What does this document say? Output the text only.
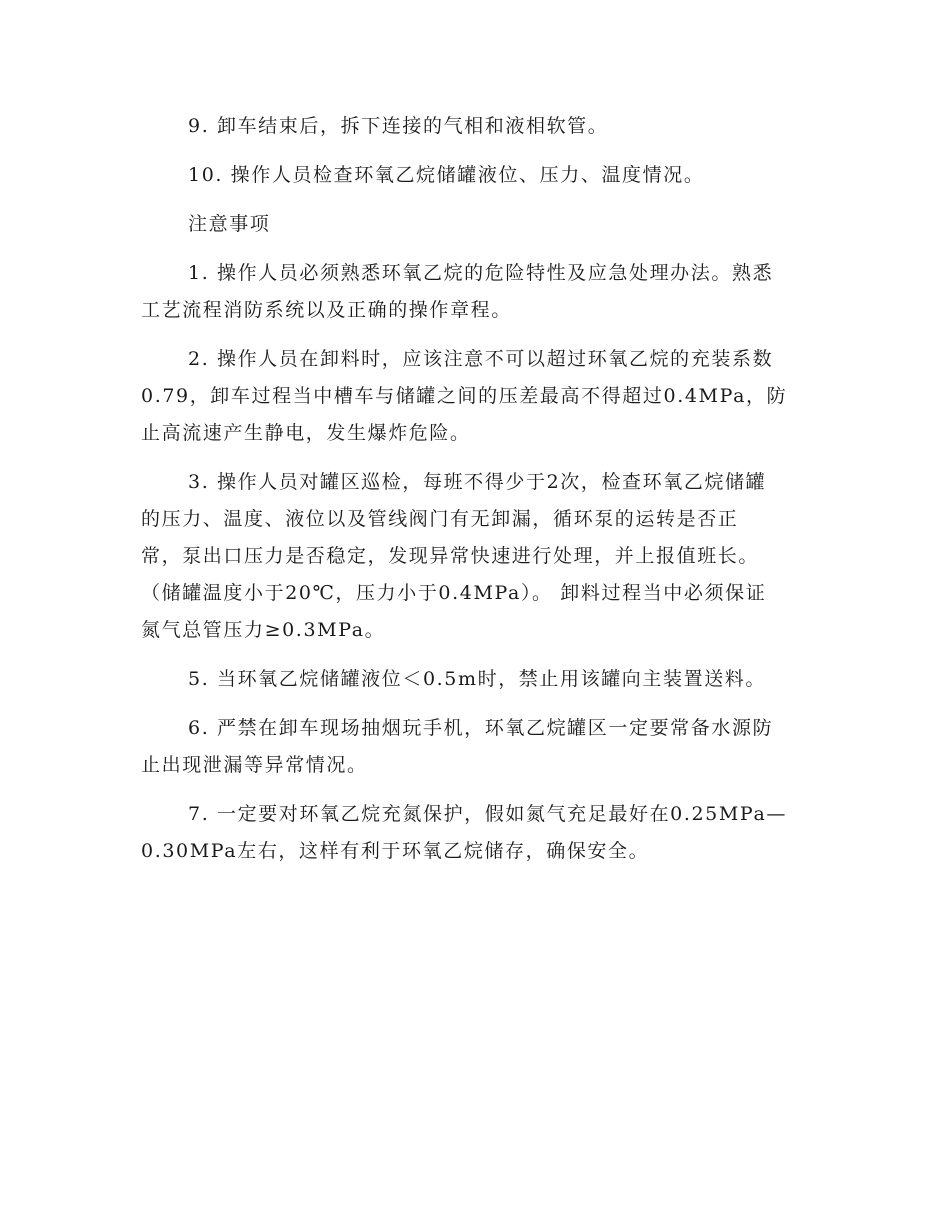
9. 卸车结束后，拆下连接的气相和液相软管。
10. 操作人员检查环氧乙烷储罐液位、压力、温度情况。
注意事项
1. 操作人员必须熟悉环氧乙烷的危险特性及应急处理办法。熟悉
工艺流程消防系统以及正确的操作章程。
2. 操作人员在卸料时，应该注意不可以超过环氧乙烷的充装系数
0.79，卸车过程当中槽车与储罐之间的压差最高不得超过0.4MPa，防
止高流速产生静电，发生爆炸危险。
3. 操作人员对罐区巡检，每班不得少于2次，检查环氧乙烷储罐
的压力、温度、液位以及管线阀门有无卸漏，循环泵的运转是否正
常，泵出口压力是否稳定，发现异常快速进行处理，并上报值班长。
（储罐温度小于20℃，压力小于0.4MPa）。 卸料过程当中必须保证
氮气总管压力≥0.3MPa。
5. 当环氧乙烷储罐液位＜0.5m时，禁止用该罐向主装置送料。
6. 严禁在卸车现场抽烟玩手机，环氧乙烷罐区一定要常备水源防
止出现泄漏等异常情况。
7. 一定要对环氧乙烷充氮保护，假如氮气充足最好在0.25MPa—
0.30MPa左右，这样有利于环氧乙烷储存，确保安全。
